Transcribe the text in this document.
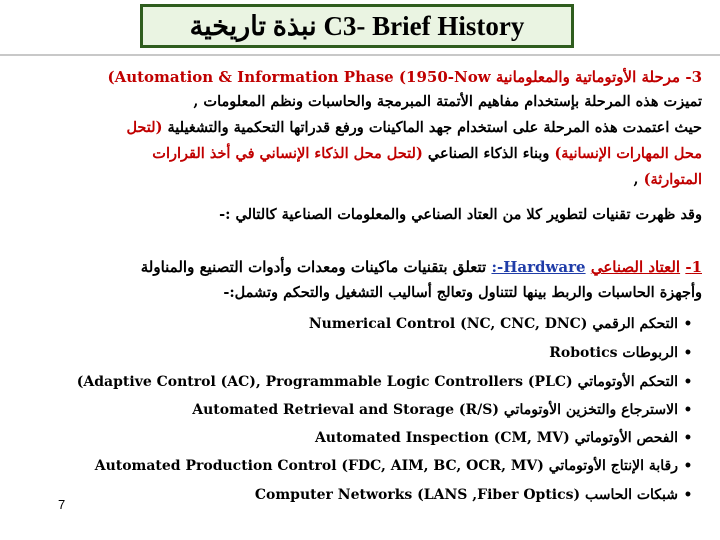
C3- Brief History نبذة تاريخية
3- مرحلة الأوتوماتية والمعلومانية (Automation & Information Phase (1950-Now
تميزت هذه المرحلة بإستخدام مفاهيم الأتمتة المبرمجة والحاسبات ونظم المعلومات ,
حيث اعتمدت هذه المرحلة على استخدام جهد الماكينات ورفع قدراتها التحكمية والتشغيلية (لتحل
محل المهارات الإنسانية) وبناء الذكاء الصناعي (لتحل محل الذكاء الإنساني في أخذ القرارات
المتوارثة) ,
وقد ظهرت تقنيات لتطوير كلا من العتاد الصناعي والمعلومات الصناعية كالتالي :-
1- العتاد الصناعي :-Hardware تتعلق بتقنيات ماكينات ومعدات وأدوات التصنيع والمناولة
وأجهزة الحاسبات والربط بينها لتتناول وتعالج أساليب التشغيل والتحكم وتشمل:-
•التحكم الرقمي Numerical Control (NC, CNC, DNC)
•الربوطات Robotics
•التحكم الأوتوماتي (Adaptive Control (AC), Programmable Logic Controllers (PLC)
•الاسترجاع والتخزين الأوتوماتي Automated Retrieval and Storage (R/S)
•الفحص الأوتوماتي Automated Inspection (CM, MV)
•رقابة الإنتاج الأوتوماتي Automated Production Control (FDC, AIM, BC, OCR, MV)
•شبكات الحاسب Computer Networks (LANS ,Fiber Optics)
7
